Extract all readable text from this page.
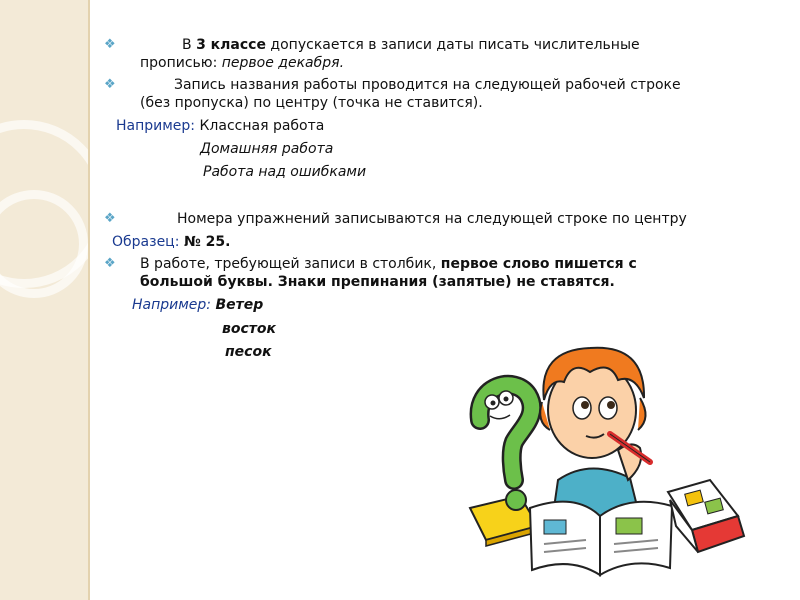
❖	В 3 классе допускается в записи даты писать числительные
прописью: первое декабря.
❖	Запись названия работы проводится на следующей рабочей строке
(без пропуска) по центру (точка не ставится).
Например: Классная работа
Домашняя работа
Работа над ошибками
❖	Номера упражнений записываются на следующей строке по центру
Образец: № 25.
❖ В работе, требующей записи в столбик, первое слово пишется с
большой буквы. Знаки препинания (запятые) не ставятся.
Например: Ветер
восток
песок
